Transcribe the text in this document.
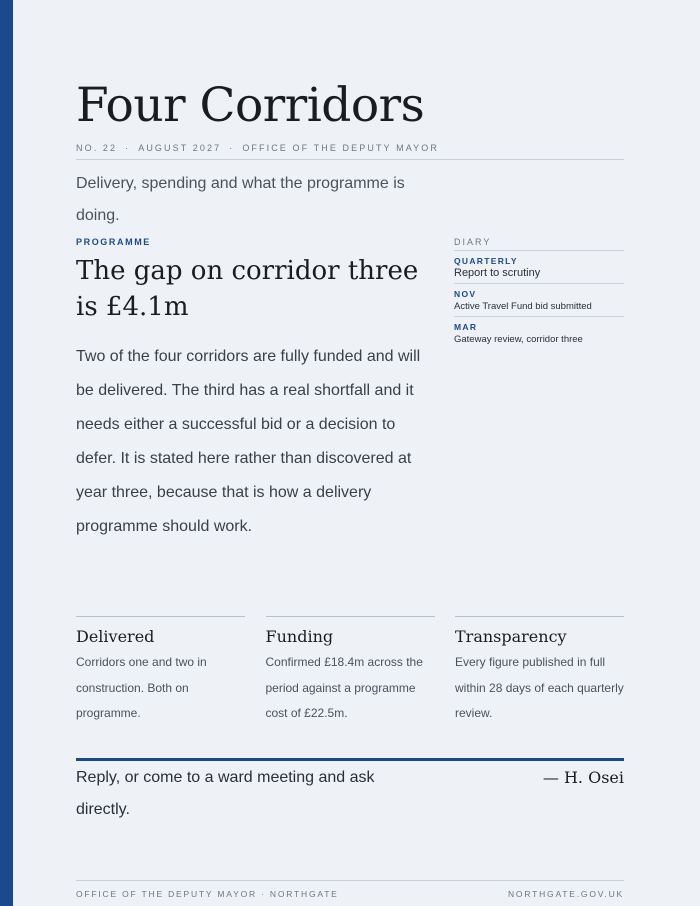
Four Corridors
NO. 22 · AUGUST 2027 · OFFICE OF THE DEPUTY MAYOR

Delivery, spending and what the programme is doing.

PROGRAMME
The gap on corridor three is £4.1m

Two of the four corridors are fully funded and will be delivered. The third has a real shortfall and it needs either a successful bid or a decision to defer. It is stated here rather than discovered at year three, because that is how a delivery programme should work.

DIARY
QUARTERLY
Report to scrutiny
NOV
Active Travel Fund bid submitted
MAR
Gateway review, corridor three
Delivered

Corridors one and two in construction. Both on programme.

Funding

Confirmed £18.4m across the period against a programme cost of £22.5m.

Transparency

Every figure published in full within 28 days of each quarterly review.

Reply, or come to a ward meeting and ask directly.

— H. Osei
OFFICE OF THE DEPUTY MAYOR · NORTHGATE	NORTHGATE.GOV.UK
